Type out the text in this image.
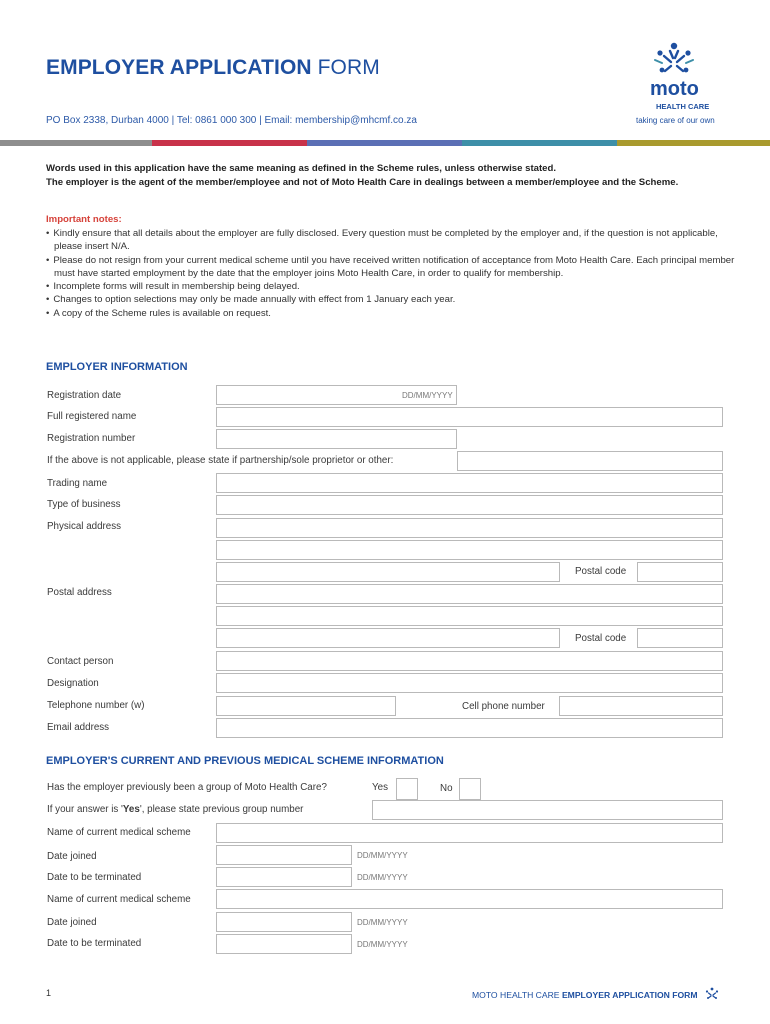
EMPLOYER APPLICATION FORM
PO Box 2338, Durban 4000 | Tel: 0861 000 300 | Email: membership@mhcmf.co.za
moto
HEALTH CARE
taking care of our own
Words used in this application have the same meaning as defined in the Scheme rules, unless otherwise stated.
The employer is the agent of the member/employee and not of Moto Health Care in dealings between a member/employee and the Scheme.
Important notes:
• Kindly ensure that all details about the employer are fully disclosed. Every question must be completed by the employer and, if the question is not applicable, please insert N/A.
• Please do not resign from your current medical scheme until you have received written notification of acceptance from Moto Health Care. Each principal member must have started employment by the date that the employer joins Moto Health Care, in order to qualify for membership.
• Incomplete forms will result in membership being delayed.
• Changes to option selections may only be made annually with effect from 1 January each year.
• A copy of the Scheme rules is available on request.
EMPLOYER INFORMATION
Registration date	DD/MM/YYYY
Full registered name
Registration number
If the above is not applicable, please state if partnership/sole proprietor or other:
Trading name
Type of business
Physical address
Postal code
Postal address
Postal code
Contact person
Designation
Telephone number (w)	Cell phone number
Email address
EMPLOYER'S CURRENT AND PREVIOUS MEDICAL SCHEME INFORMATION
Has the employer previously been a group of Moto Health Care?	Yes	No
If your answer is 'Yes', please state previous group number
Name of current medical scheme
Date joined	DD/MM/YYYY
Date to be terminated	DD/MM/YYYY
Name of current medical scheme
Date joined	DD/MM/YYYY
Date to be terminated	DD/MM/YYYY
1	MOTO HEALTH CARE EMPLOYER APPLICATION FORM
